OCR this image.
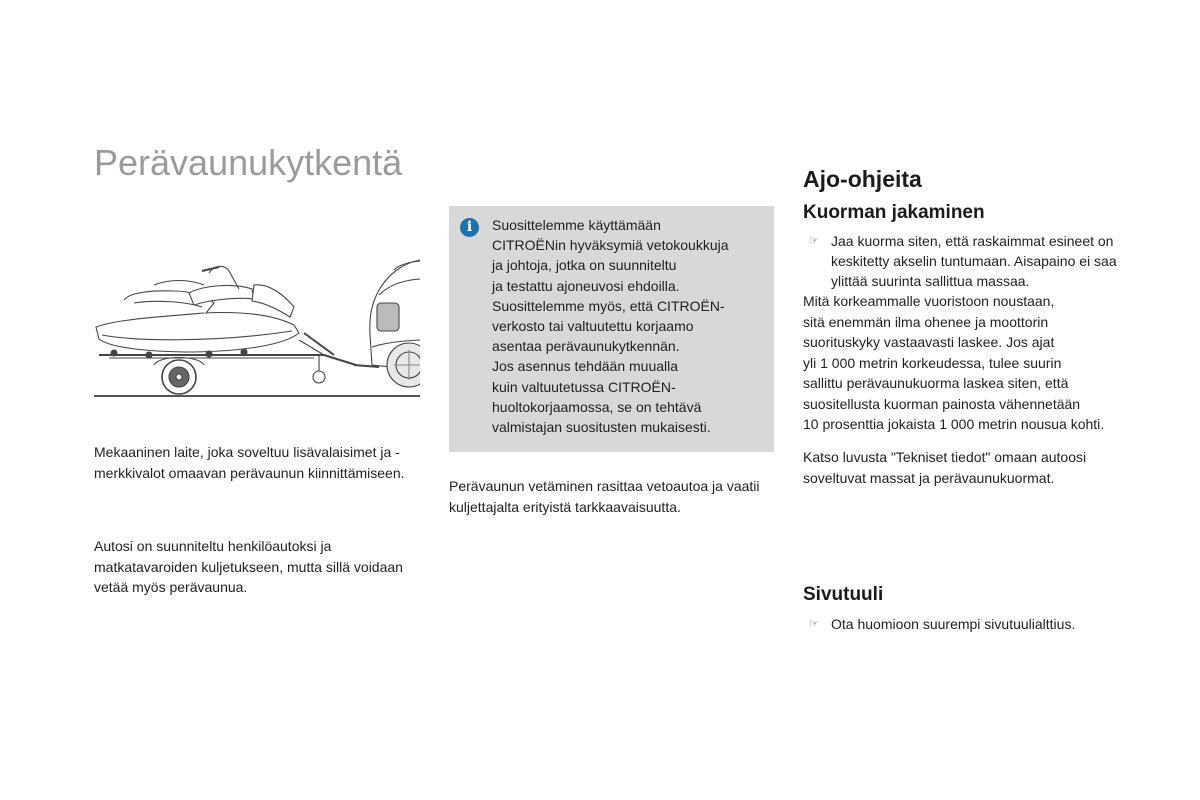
Perävaunukytkentä
Mekaaninen laite, joka soveltuu lisävalaisimet ja -merkkivalot omaavan perävaunun kiinnittämiseen.
Autosi on suunniteltu henkilöautoksi ja matkatavaroiden kuljetukseen, mutta sillä voidaan vetää myös perävaunua.
i	Suosittelemme käyttämään
CITROËNin hyväksymiä vetokoukkuja
ja johtoja, jotka on suunniteltu
ja testattu ajoneuvosi ehdoilla.
Suosittelemme myös, että CITROËN-
verkosto tai valtuutettu korjaamo
asentaa perävaunukytkennän.
Jos asennus tehdään muualla
kuin valtuutetussa CITROËN-
huoltokorjaamossa, se on tehtävä
valmistajan suositusten mukaisesti.
Perävaunun vetäminen rasittaa vetoautoa ja vaatii kuljettajalta erityistä tarkkaavaisuutta.
Ajo-ohjeita
Kuorman jakaminen
☞ Jaa kuorma siten, että raskaimmat esineet on keskitetty akselin tuntumaan. Aisapaino ei saa ylittää suurinta sallittua massaa.
Mitä korkeammalle vuoristoon noustaan,
sitä enemmän ilma ohenee ja moottorin
suorituskyky vastaavasti laskee. Jos ajat
yli 1 000 metrin korkeudessa, tulee suurin
sallittu perävaunukuorma laskea siten, että
suositellusta kuorman painosta vähennetään
10 prosenttia jokaista 1 000 metrin nousua kohti.
Katso luvusta "Tekniset tiedot" omaan autoosi soveltuvat massat ja perävaunukuormat.
Sivutuuli
☞ Ota huomioon suurempi sivutuulialttius.
